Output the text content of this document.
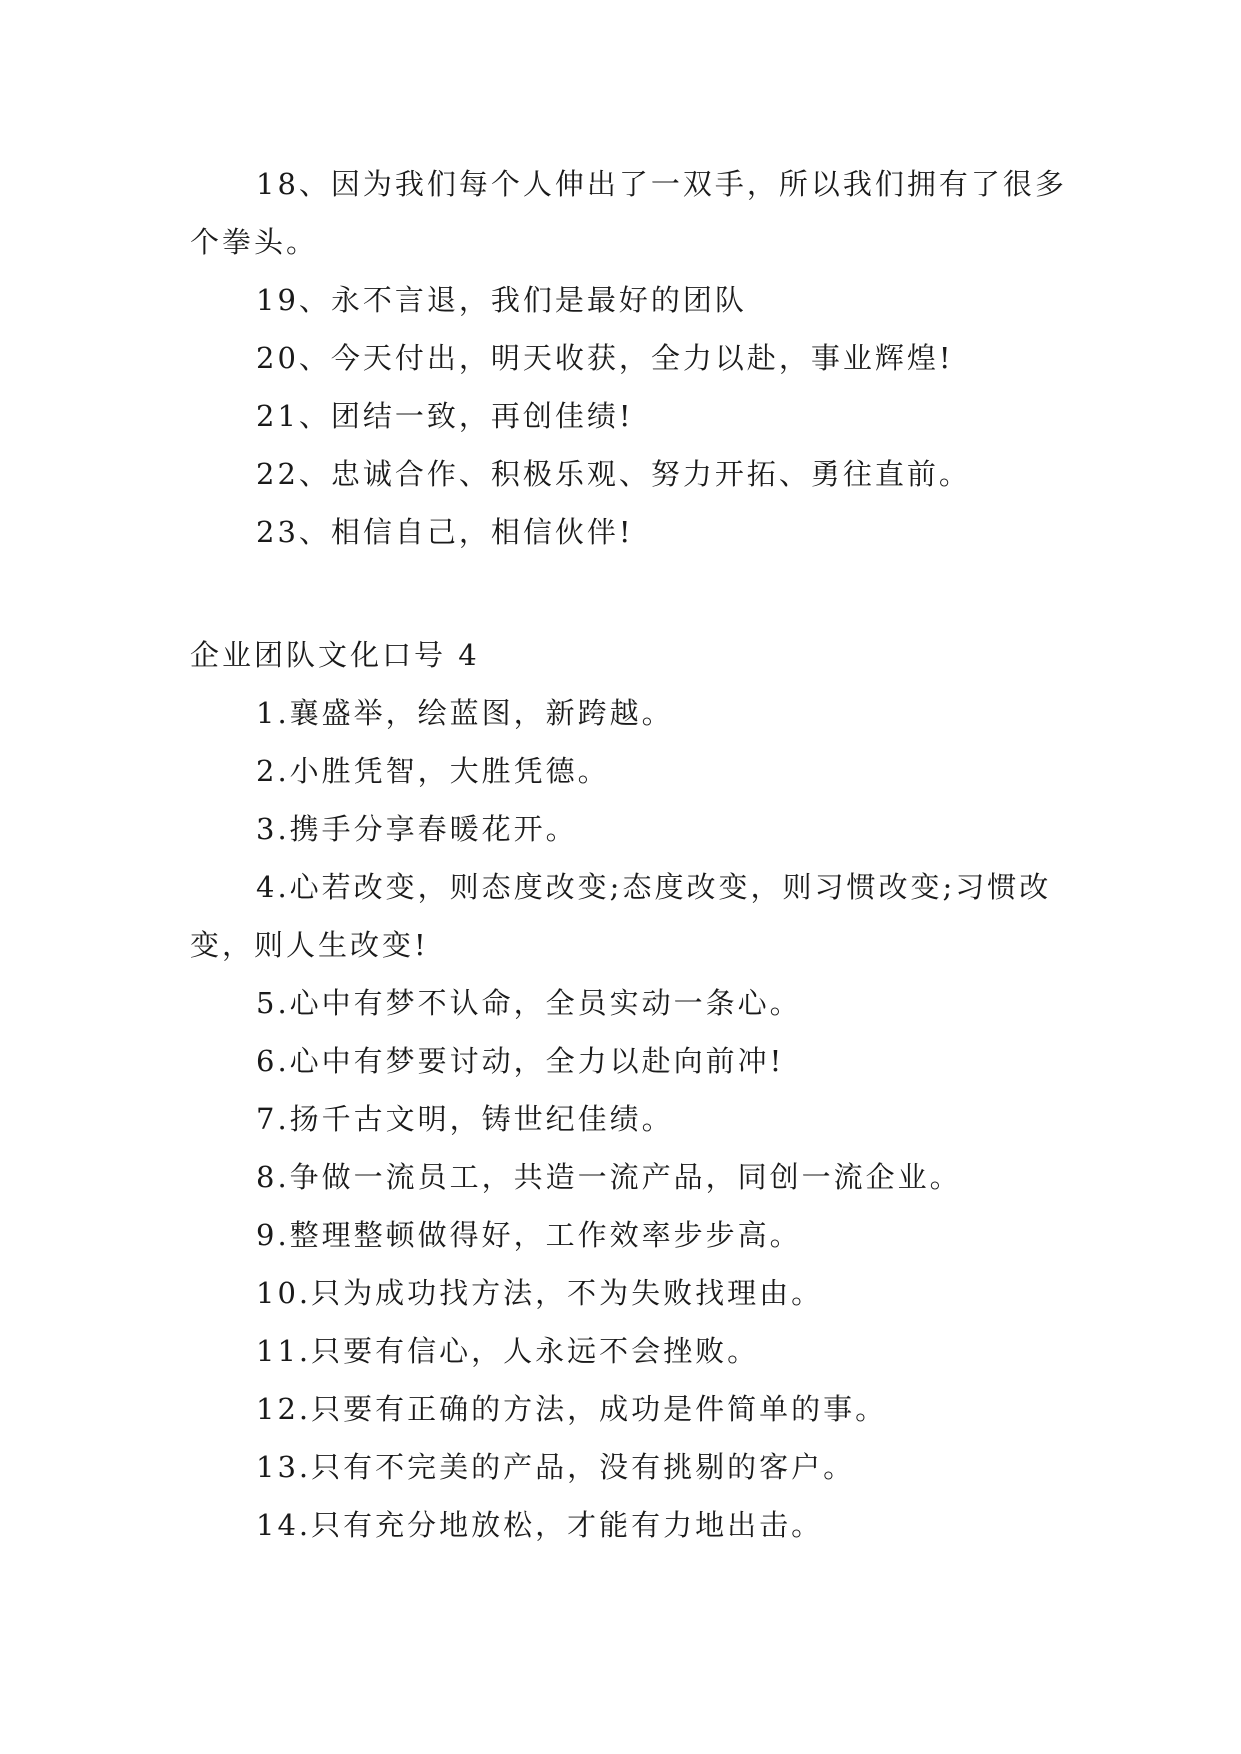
18、因为我们每个人伸出了一双手，所以我们拥有了很多个拳头。

19、永不言退，我们是最好的团队

20、今天付出，明天收获，全力以赴，事业辉煌!

21、团结一致，再创佳绩!

22、忠诚合作、积极乐观、努力开拓、勇往直前。

23、相信自己，相信伙伴!

企业团队文化口号 4

1.襄盛举，绘蓝图，新跨越。

2.小胜凭智，大胜凭德。

3.携手分享春暖花开。

4.心若改变，则态度改变;态度改变，则习惯改变;习惯改变，则人生改变!

5.心中有梦不认命，全员实动一条心。

6.心中有梦要讨动，全力以赴向前冲!

7.扬千古文明，铸世纪佳绩。

8.争做一流员工，共造一流产品，同创一流企业。

9.整理整顿做得好，工作效率步步高。

10.只为成功找方法，不为失败找理由。

11.只要有信心，人永远不会挫败。

12.只要有正确的方法，成功是件简单的事。

13.只有不完美的产品，没有挑剔的客户。

14.只有充分地放松，才能有力地出击。
